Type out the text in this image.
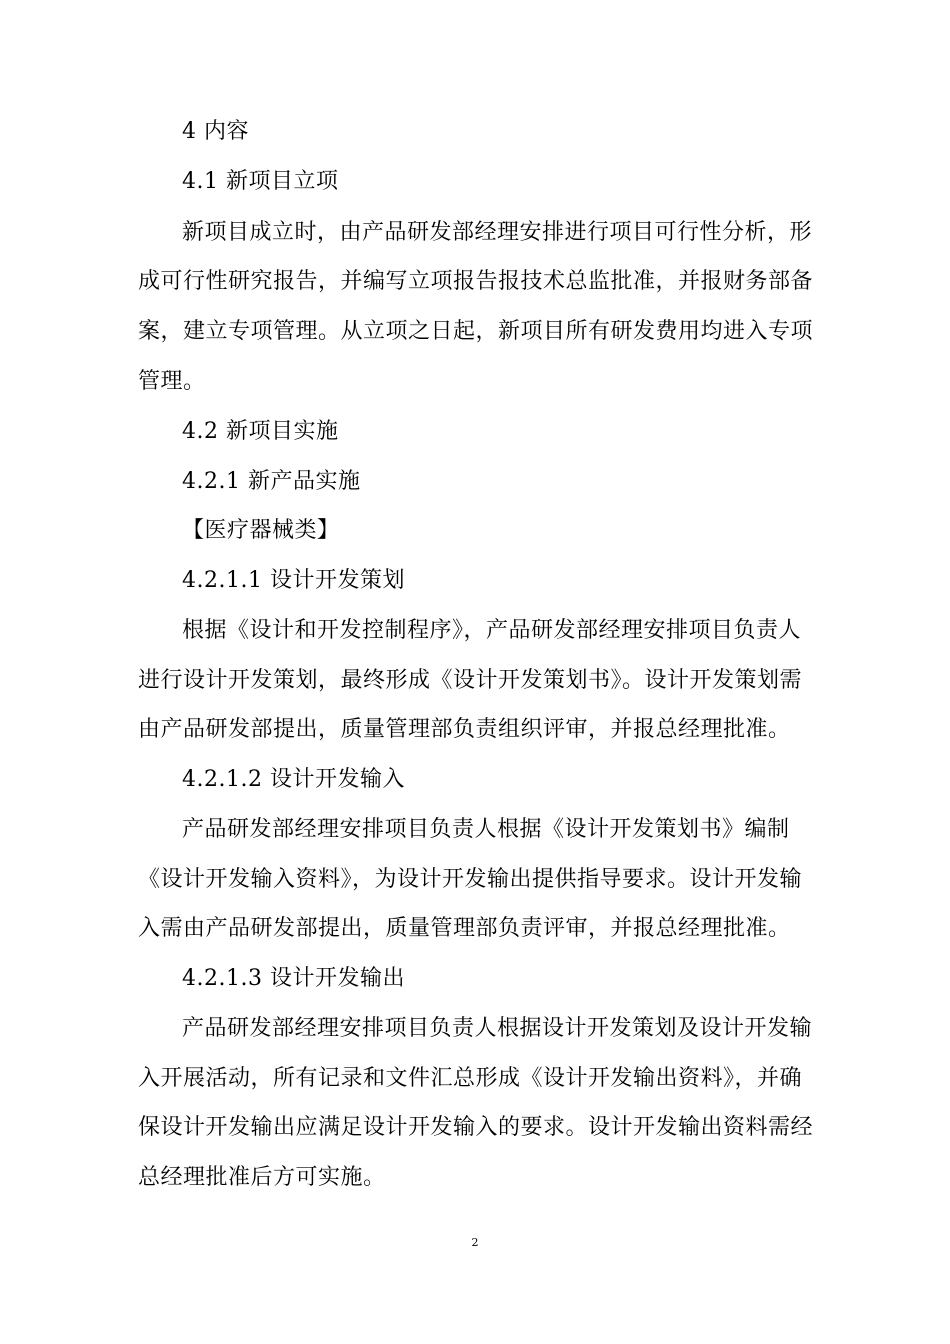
4 内容
4.1 新项目立项
新项目成立时，由产品研发部经理安排进行项目可行性分析，形
成可行性研究报告，并编写立项报告报技术总监批准，并报财务部备
案，建立专项管理。从立项之日起，新项目所有研发费用均进入专项
管理。
4.2 新项目实施
4.2.1 新产品实施
【医疗器械类】
4.2.1.1 设计开发策划
根据《设计和开发控制程序》，产品研发部经理安排项目负责人
进行设计开发策划，最终形成《设计开发策划书》。设计开发策划需
由产品研发部提出，质量管理部负责组织评审，并报总经理批准。
4.2.1.2 设计开发输入
产品研发部经理安排项目负责人根据《设计开发策划书》编制
《设计开发输入资料》，为设计开发输出提供指导要求。设计开发输
入需由产品研发部提出，质量管理部负责评审，并报总经理批准。
4.2.1.3 设计开发输出
产品研发部经理安排项目负责人根据设计开发策划及设计开发输
入开展活动，所有记录和文件汇总形成《设计开发输出资料》，并确
保设计开发输出应满足设计开发输入的要求。设计开发输出资料需经
总经理批准后方可实施。
2
